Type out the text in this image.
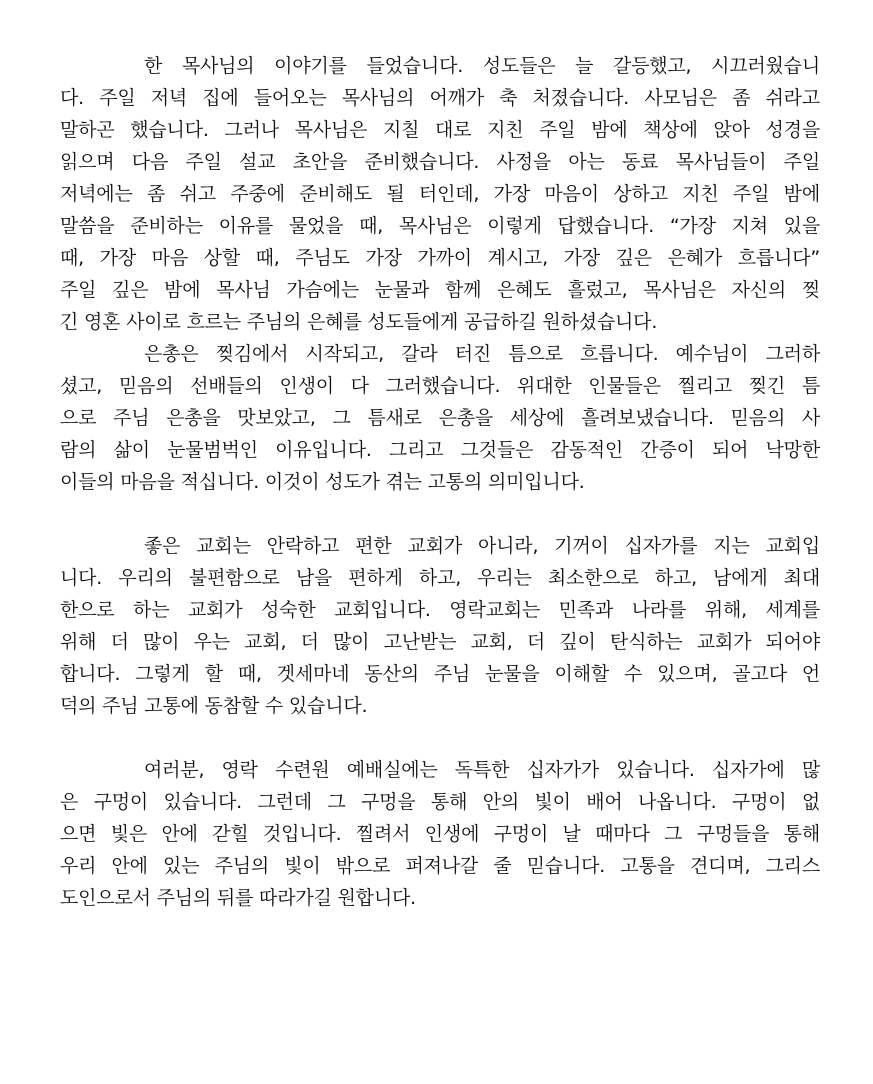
한 목사님의 이야기를 들었습니다. 성도들은 늘 갈등했고, 시끄러웠습니
다. 주일 저녁 집에 들어오는 목사님의 어깨가 축 처졌습니다. 사모님은 좀 쉬라고
말하곤 했습니다. 그러나 목사님은 지칠 대로 지친 주일 밤에 책상에 앉아 성경을
읽으며 다음 주일 설교 초안을 준비했습니다. 사정을 아는 동료 목사님들이 주일
저녁에는 좀 쉬고 주중에 준비해도 될 터인데, 가장 마음이 상하고 지친 주일 밤에
말씀을 준비하는 이유를 물었을 때, 목사님은 이렇게 답했습니다. “가장 지쳐 있을
때, 가장 마음 상할 때, 주님도 가장 가까이 계시고, 가장 깊은 은혜가 흐릅니다”
주일 깊은 밤에 목사님 가슴에는 눈물과 함께 은혜도 흘렀고, 목사님은 자신의 찢
긴 영혼 사이로 흐르는 주님의 은혜를 성도들에게 공급하길 원하셨습니다.
은총은 찢김에서 시작되고, 갈라 터진 틈으로 흐릅니다. 예수님이 그러하
셨고, 믿음의 선배들의 인생이 다 그러했습니다. 위대한 인물들은 찔리고 찢긴 틈
으로 주님 은총을 맛보았고, 그 틈새로 은총을 세상에 흘려보냈습니다. 믿음의 사
람의 삶이 눈물범벅인 이유입니다. 그리고 그것들은 감동적인 간증이 되어 낙망한
이들의 마음을 적십니다. 이것이 성도가 겪는 고통의 의미입니다.
좋은 교회는 안락하고 편한 교회가 아니라, 기꺼이 십자가를 지는 교회입
니다. 우리의 불편함으로 남을 편하게 하고, 우리는 최소한으로 하고, 남에게 최대
한으로 하는 교회가 성숙한 교회입니다. 영락교회는 민족과 나라를 위해, 세계를
위해 더 많이 우는 교회, 더 많이 고난받는 교회, 더 깊이 탄식하는 교회가 되어야
합니다. 그렇게 할 때, 겟세마네 동산의 주님 눈물을 이해할 수 있으며, 골고다 언
덕의 주님 고통에 동참할 수 있습니다.
여러분, 영락 수련원 예배실에는 독특한 십자가가 있습니다. 십자가에 많
은 구멍이 있습니다. 그런데 그 구멍을 통해 안의 빛이 배어 나옵니다. 구멍이 없
으면 빛은 안에 갇힐 것입니다. 찔려서 인생에 구멍이 날 때마다 그 구멍들을 통해
우리 안에 있는 주님의 빛이 밖으로 퍼져나갈 줄 믿습니다. 고통을 견디며, 그리스
도인으로서 주님의 뒤를 따라가길 원합니다.
